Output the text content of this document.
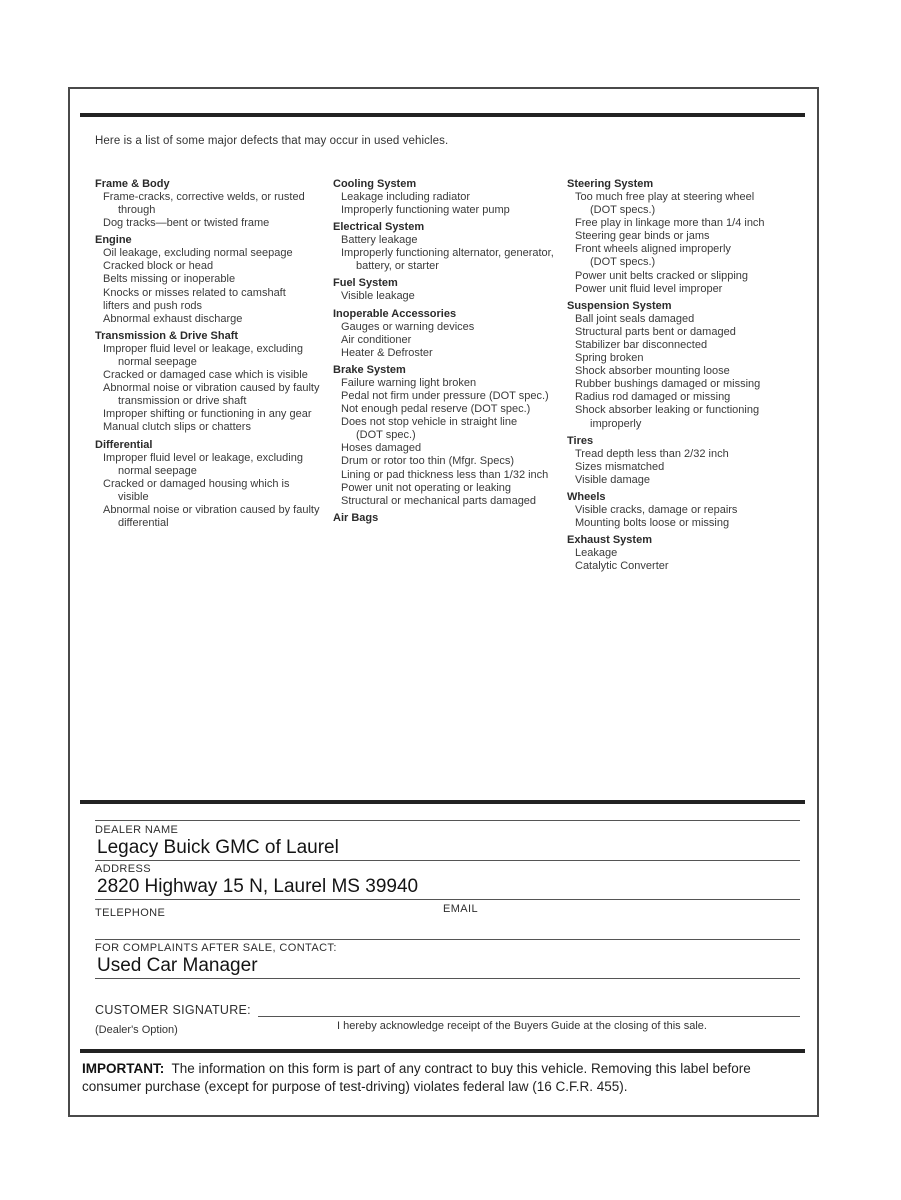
Here is a list of some major defects that may occur in used vehicles.

Frame & Body
Frame-cracks, corrective welds, or rusted
through
Dog tracks—bent or twisted frame
Engine
Oil leakage, excluding normal seepage
Cracked block or head
Belts missing or inoperable
Knocks or misses related to camshaft
lifters and push rods
Abnormal exhaust discharge
Transmission & Drive Shaft
Improper fluid level or leakage, excluding
normal seepage
Cracked or damaged case which is visible
Abnormal noise or vibration caused by faulty
transmission or drive shaft
Improper shifting or functioning in any gear
Manual clutch slips or chatters
Differential
Improper fluid level or leakage, excluding
normal seepage
Cracked or damaged housing which is
visible
Abnormal noise or vibration caused by faulty
differential
Cooling System
Leakage including radiator
Improperly functioning water pump
Electrical System
Battery leakage
Improperly functioning alternator, generator,
battery, or starter
Fuel System
Visible leakage
Inoperable Accessories
Gauges or warning devices
Air conditioner
Heater & Defroster
Brake System
Failure warning light broken
Pedal not firm under pressure (DOT spec.)
Not enough pedal reserve (DOT spec.)
Does not stop vehicle in straight line
(DOT spec.)
Hoses damaged
Drum or rotor too thin (Mfgr. Specs)
Lining or pad thickness less than 1/32 inch
Power unit not operating or leaking
Structural or mechanical parts damaged
Air Bags
Steering System
Too much free play at steering wheel
(DOT specs.)
Free play in linkage more than 1/4 inch
Steering gear binds or jams
Front wheels aligned improperly
(DOT specs.)
Power unit belts cracked or slipping
Power unit fluid level improper
Suspension System
Ball joint seals damaged
Structural parts bent or damaged
Stabilizer bar disconnected
Spring broken
Shock absorber mounting loose
Rubber bushings damaged or missing
Radius rod damaged or missing
Shock absorber leaking or functioning
improperly
Tires
Tread depth less than 2/32 inch
Sizes mismatched
Visible damage
Wheels
Visible cracks, damage or repairs
Mounting bolts loose or missing
Exhaust System
Leakage
Catalytic Converter
DEALER NAME
Legacy Buick GMC of Laurel
ADDRESS
2820 Highway 15 N, Laurel MS 39940
TELEPHONE	EMAIL
FOR COMPLAINTS AFTER SALE, CONTACT:
Used Car Manager
CUSTOMER SIGNATURE:
(Dealer's Option)	I hereby acknowledge receipt of the Buyers Guide at the closing of this sale.

IMPORTANT: The information on this form is part of any contract to buy this vehicle. Removing this label before consumer purchase (except for purpose of test-driving) violates federal law (16 C.F.R. 455).
